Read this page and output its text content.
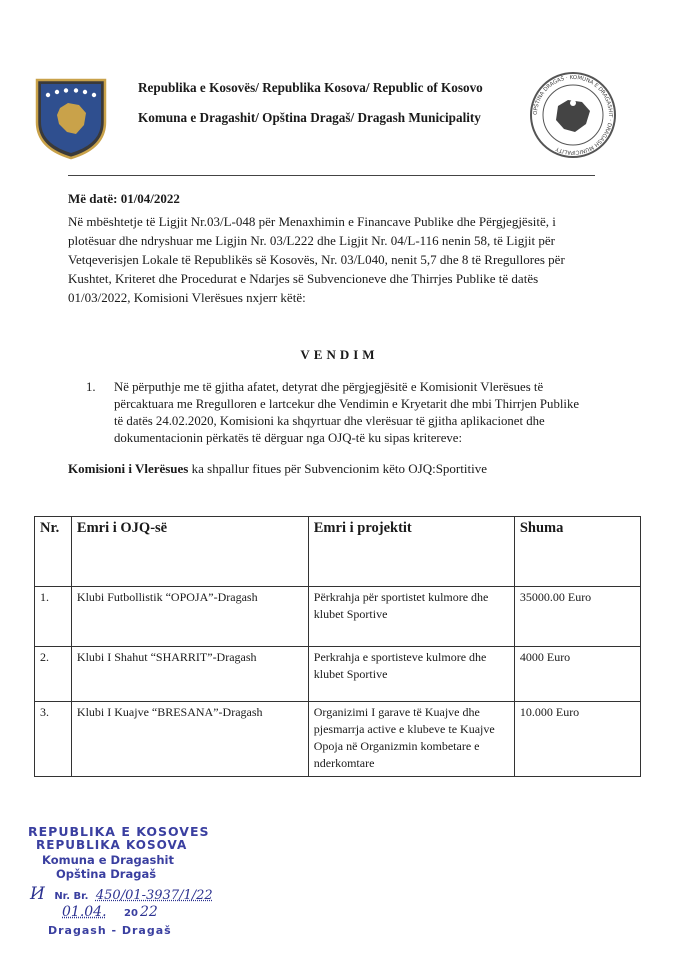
Republika e Kosovës/ Republika Kosova/ Republic of Kosovo
Komuna e Dragashit/ Opština Dragaš/ Dragash Municipality	OPŠTINA DRAGAŠ · KOMUNA E DRAGASHIT · DRAGASH MUNICIPALITY
Më datë: 01/04/2022
Në mbështetje të Ligjit Nr.03/L-048 për Menaxhimin e Financave Publike dhe Përgjegjësitë, i
plotësuar dhe ndryshuar me Ligjin Nr. 03/L222 dhe Ligjit Nr. 04/L-116 nenin 58, të Ligjit për
Vetqeverisjen Lokale të Republikës së Kosovës, Nr. 03/L040, nenit 5,7 dhe 8 të Rregullores për
Kushtet, Kriteret dhe Procedurat e Ndarjes së Subvencioneve dhe Thirrjes Publike të datës
01/03/2022, Komisioni Vlerësues nxjerr këtë:
VENDIM
1. Në përputhje me të gjitha afatet, detyrat dhe përgjegjësitë e Komisionit Vlerësues të
përcaktuara me Rregulloren e lartcekur dhe Vendimin e Kryetarit dhe mbi Thirrjen Publike
të datës 24.02.2020, Komisioni ka shqyrtuar dhe vlerësuar të gjitha aplikacionet dhe
dokumentacionin përkatës të dërguar nga OJQ-të ku sipas kritereve:
Komisioni i Vlerësues ka shpallur fitues për Subvencionim këto OJQ:Sportitive
Nr.	Emri i OJQ-së	Emri i projektit	Shuma
1.	Klubi Futbollistik “OPOJA”-Dragash	Përkrahja për sportistet kulmore dhe klubet Sportive	35000.00 Euro
2.	Klubi I Shahut “SHARRIT”-Dragash	Perkrahja e sportisteve kulmore dhe klubet Sportive	4000 Euro
3.	Klubi I Kuajve “BRESANA”-Dragash	Organizimi I garave të Kuajve dhe pjesmarrja active e klubeve te Kuajve Opoja në Organizmin kombetare e nderkomtare	10.000 Euro
REPUBLIKA E KOSOVES
REPUBLIKA KOSOVA
Komuna e Dragashit
Opština Dragaš
И Nr. Br. 450/01-3937/1/22
01.04. 20 22
Dragash - Dragaš
